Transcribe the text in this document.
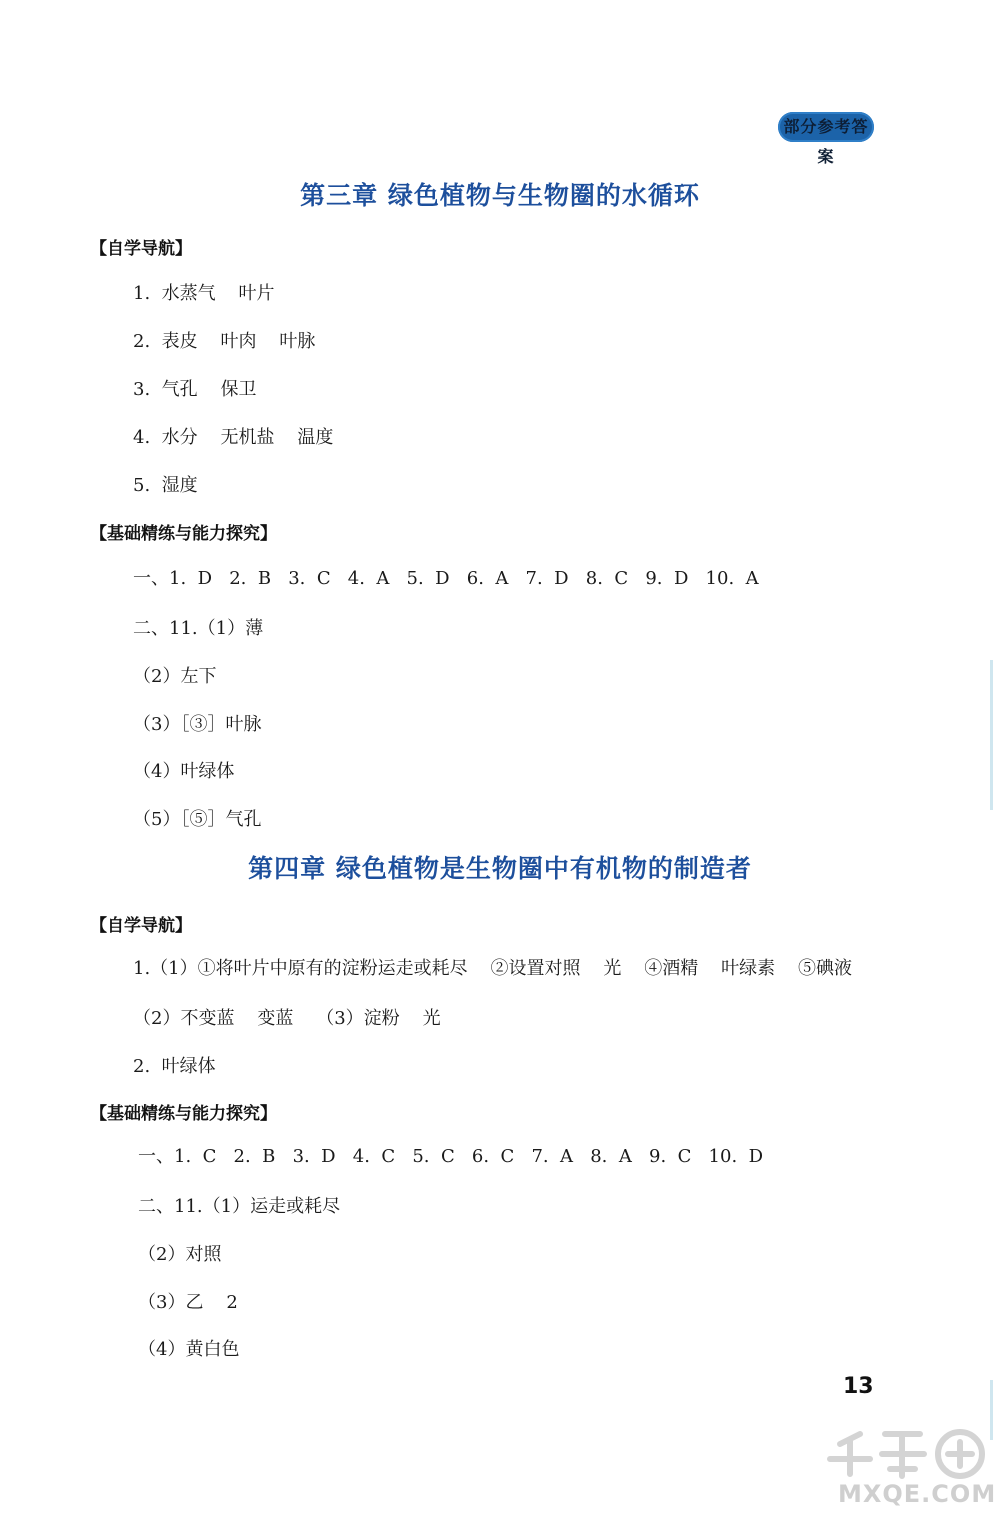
部分参考答案
第三章 绿色植物与生物圈的水循环
【自学导航】
1.  水蒸气    叶片
2.  表皮    叶肉    叶脉
3.  气孔    保卫
4.  水分    无机盐    温度
5.  湿度
【基础精练与能力探究】
一、1.  D   2.  B   3.  C   4.  A   5.  D   6.  A   7.  D   8.  C   9.  D   10.  A
二、11.（1）薄
（2）左下
（3）［③］叶脉
（4）叶绿体
（5）［⑤］气孔
第四章 绿色植物是生物圈中有机物的制造者
【自学导航】
1.（1）①将叶片中原有的淀粉运走或耗尽    ②设置对照    光    ④酒精    叶绿素    ⑤碘液
（2）不变蓝    变蓝    （3）淀粉    光
2.  叶绿体
【基础精练与能力探究】
一、1.  C   2.  B   3.  D   4.  C   5.  C   6.  C   7.  A   8.  A   9.  C   10.  D
二、11.（1）运走或耗尽
（2）对照
（3）乙    2
（4）黄白色
13
MXQE.COM
